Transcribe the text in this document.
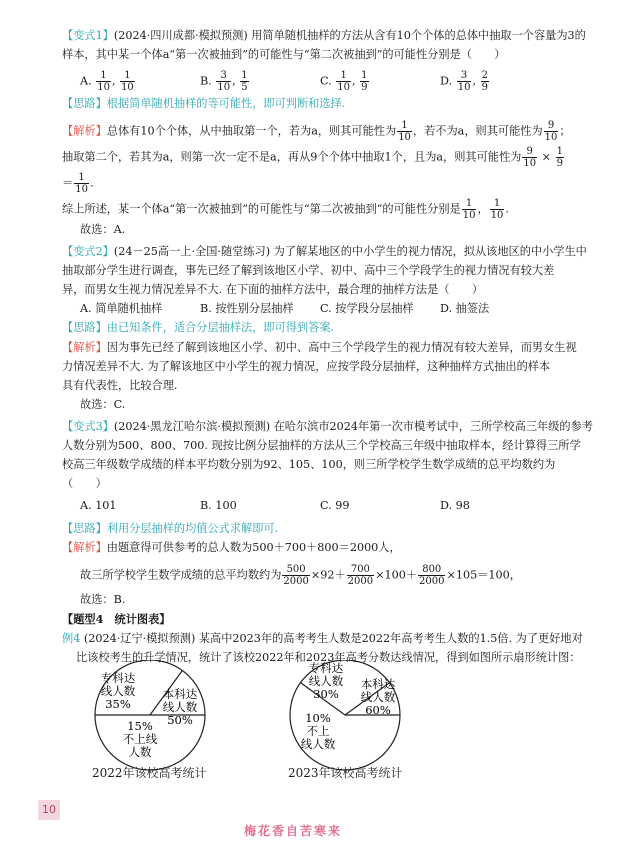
【变式1】(2024·四川成都·模拟预测) 用简单随机抽样的方法从含有10个个体的总体中抽取一个容量为3的
样本，其中某一个体a“第一次被抽到”的可能性与“第二次被抽到”的可能性分别是（　　）
A. $\frac{1}{10}$ , $\frac{1}{10}$	B. $\frac{3}{10}$ , $\frac{1}{5}$	C. $\frac{1}{10}$ , $\frac{1}{9}$	D. $\frac{3}{10}$ , $\frac{2}{9}$
【思路】根据简单随机抽样的等可能性，即可判断和选择.
【解析】总体有10个个体，从中抽取第一个，若为a，则其可能性为 $\frac{1}{10}$ ，若不为a，则其可能性为 $\frac{9}{10}$ ；
抽取第二个，若其为a，则第一次一定不是a，再从9个个体中抽取1个，且为a，则其可能性为 $\frac{9}{10} \times \frac{1}{9}$
＝ $\frac{1}{10}$ .
综上所述，某一个体a“第一次被抽到”的可能性与“第二次被抽到”的可能性分别是 $\frac{1}{10}$ ， $\frac{1}{10}$ .
故选：A.
【变式2】(24－25高一上·全国·随堂练习) 为了解某地区的中小学生的视力情况，拟从该地区的中小学生中
抽取部分学生进行调查，事先已经了解到该地区小学、初中、高中三个学段学生的视力情况有较大差
异，而男女生视力情况差异不大. 在下面的抽样方法中，最合理的抽样方法是（　　）
A. 简单随机抽样	B. 按性别分层抽样 C. 按学段分层抽样 D. 抽签法
【思路】由已知条件，适合分层抽样法，即可得到答案.
【解析】因为事先已经了解到该地区小学、初中、高中三个学段学生的视力情况有较大差异，而男女生视
力情况差异不大. 为了解该地区中小学生的视力情况，应按学段分层抽样，这种抽样方式抽出的样本
具有代表性，比较合理.
故选：C.
【变式3】(2024·黑龙江哈尔滨·模拟预测) 在哈尔滨市2024年第一次市模考试中，三所学校高三年级的参考
人数分别为500、800、700. 现按比例分层抽样的方法从三个学校高三年级中抽取样本，经计算得三所学
校高三年级数学成绩的样本平均数分别为92、105、100，则三所学校学生数学成绩的总平均数约为
（　　）
A. 101	B. 100	C. 99	D. 98
【思路】利用分层抽样的均值公式求解即可.
【解析】由题意得可供参考的总人数为500＋700＋800＝2000人，
故三所学校学生数学成绩的总平均数约为 $\frac{500}{2000} \times 92+ \frac{700}{2000} \times 100+ \frac{800}{2000} \times 105=100$，
故选：B.
【题型4　统计图表】
例4 (2024·辽宁·模拟预测) 某高中2023年的高考考生人数是2022年高考考生人数的1.5倍. 为了更好地对
比该校考生的升学情况，统计了该校2022年和2023年高考分数达线情况，得到如图所示扇形统计图：
本科达线人数 50%
专科达线人数 35%
15%不上线人数
本科达线人数 60%
专科达线人数 30%
10%不上线人数
2022年该校高考统计	2023年该校高考统计
10
梅花香自苦寒来
